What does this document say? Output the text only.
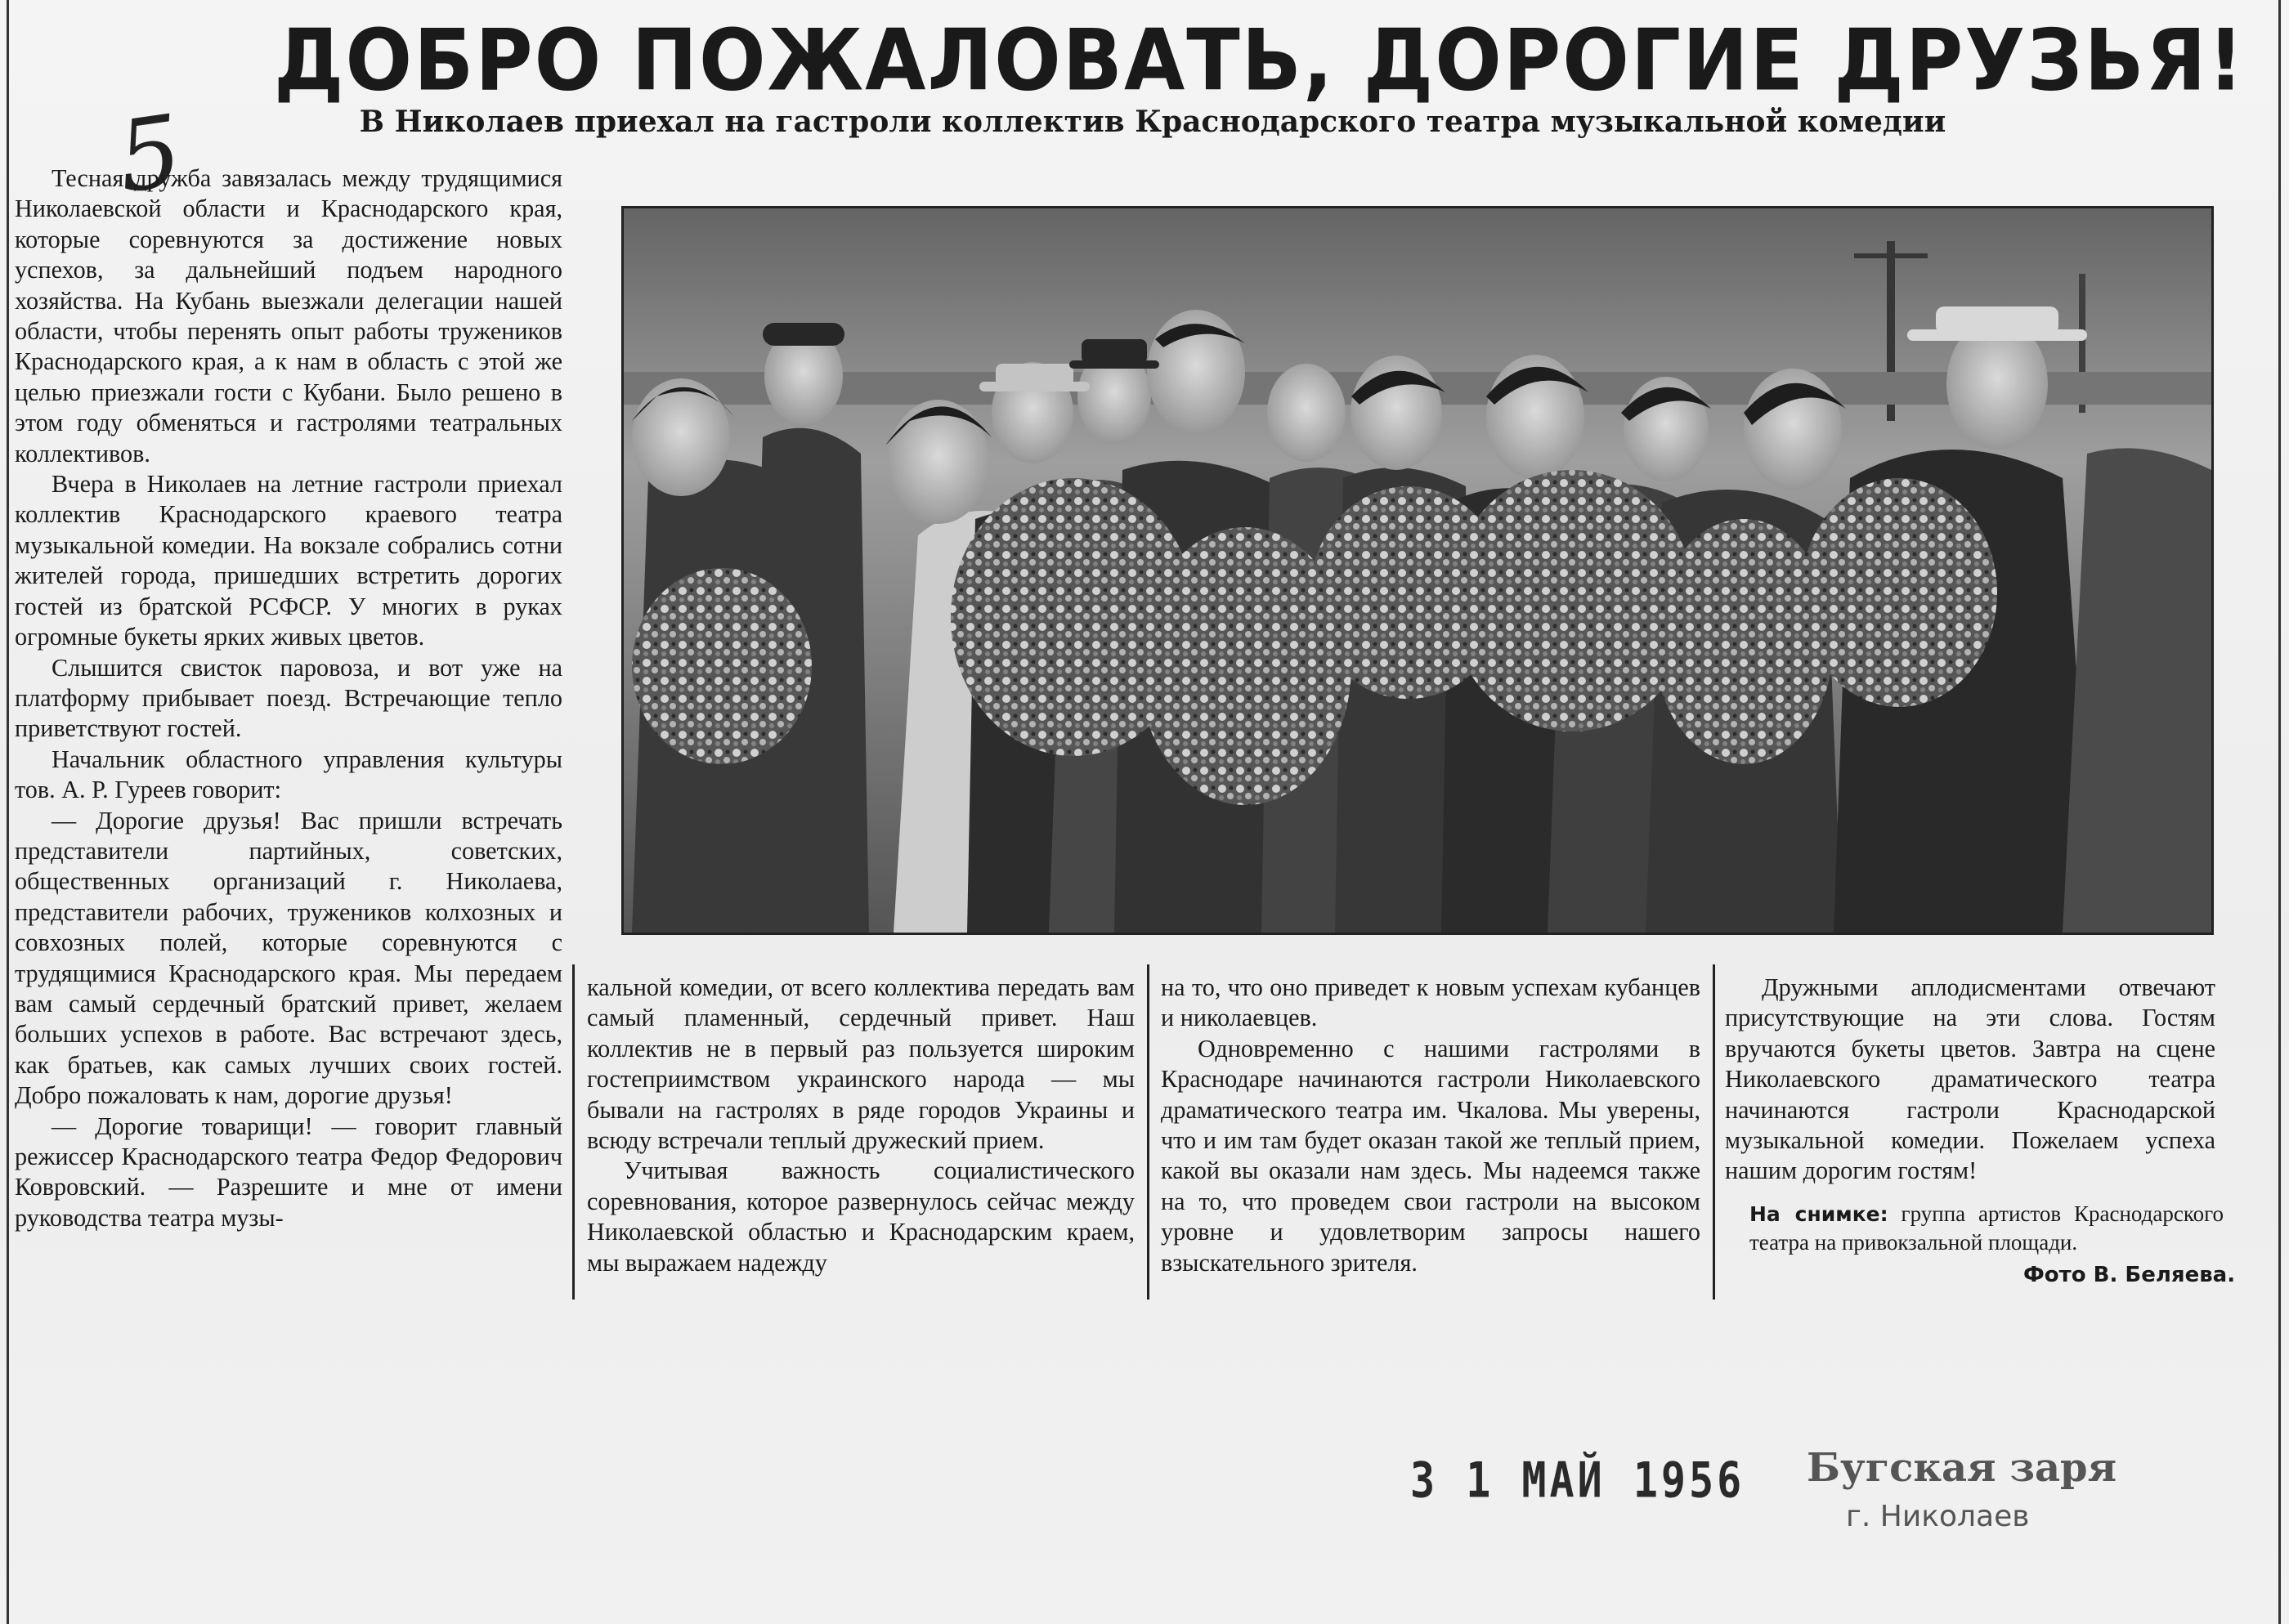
5
ДОБРО ПОЖАЛОВАТЬ, ДОРОГИЕ ДРУЗЬЯ!
В Николаев приехал на гастроли коллектив Краснодарского театра музыкальной комедии

Тесная дружба завязалась между трудящимися Николаевской области и Краснодарского края, которые соревнуются за достижение новых успехов, за дальнейший подъем народного хозяйства. На Кубань выезжали делегации нашей области, чтобы перенять опыт работы тружеников Краснодарского края, а к нам в область с этой же целью приезжали гости с Кубани. Было решено в этом году обменяться и гастролями театральных коллективов.

Вчера в Николаев на летние гастроли приехал коллектив Краснодарского краевого театра музыкальной комедии. На вокзале собрались сотни жителей города, пришедших встретить дорогих гостей из братской РСФСР. У многих в руках огромные букеты ярких живых цветов.

Слышится свисток паровоза, и вот уже на платформу прибывает поезд. Встречающие тепло приветствуют гостей.

Начальник областного управления культуры тов. А. Р. Гуреев говорит:

— Дорогие друзья! Вас пришли встречать представители партийных, советских, общественных организаций г. Николаева, представители рабочих, тружеников колхозных и совхозных полей, которые соревнуются с трудящимися Краснодарского края. Мы передаем вам самый сердечный братский привет, желаем больших успехов в работе. Вас встречают здесь, как братьев, как самых лучших своих гостей. Добро пожаловать к нам, дорогие друзья!

— Дорогие товарищи! — говорит главный режиссер Краснодарского театра Федор Федорович Ковровский. — Разрешите и мне от имени руководства театра музы-

кальной комедии, от всего коллектива передать вам самый пламенный, сердечный привет. Наш коллектив не в первый раз пользуется широким гостеприимством украинского народа — мы бывали на гастролях в ряде городов Украины и всюду встречали теплый дружеский прием.

Учитывая важность социалистического соревнования, которое развернулось сейчас между Николаевской областью и Краснодарским краем, мы выражаем надежду

на то, что оно приведет к новым успехам кубанцев и николаевцев.

Одновременно с нашими гастролями в Краснодаре начинаются гастроли Николаевского драматического театра им. Чкалова. Мы уверены, что и им там будет оказан такой же теплый прием, какой вы оказали нам здесь. Мы надеемся также на то, что проведем свои гастроли на высоком уровне и удовлетворим запросы нашего взыскательного зрителя.

Дружными аплодисментами отвечают присутствующие на эти слова. Гостям вручаются букеты цветов. Завтра на сцене Николаевского драматического театра начинаются гастроли Краснодарской музыкальной комедии. Пожелаем успеха нашим дорогим гостям!

На снимке: группа артистов Краснодарского театра на привокзальной площади.
Фото В. Беляева.
3 1 МАЙ 1956 Бугская заря
г. Николаев
